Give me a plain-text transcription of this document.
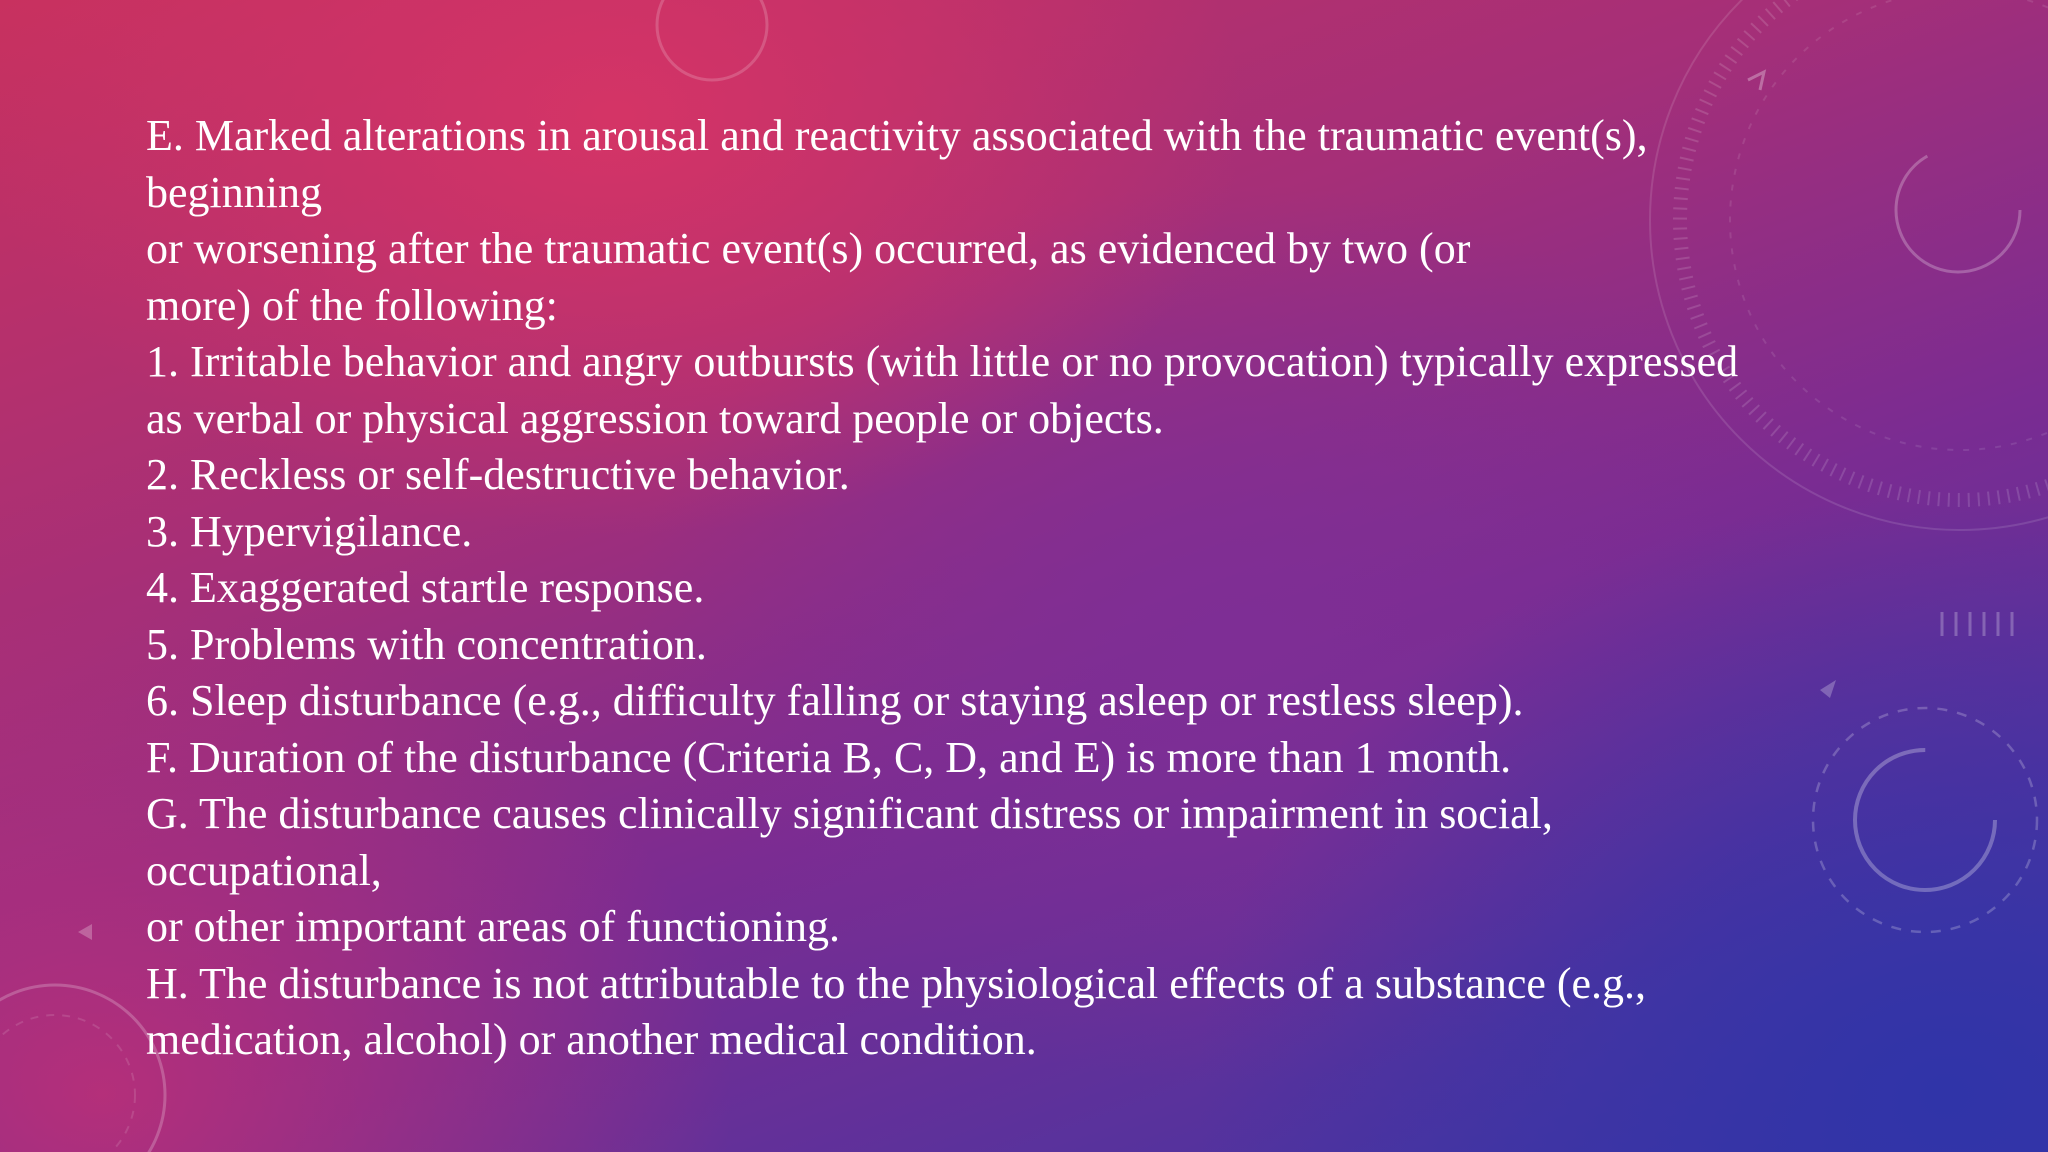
E. Marked alterations in arousal and reactivity associated with the traumatic event(s),
beginning
or worsening after the traumatic event(s) occurred, as evidenced by two (or
more) of the following:
1. Irritable behavior and angry outbursts (with little or no provocation) typically expressed
as verbal or physical aggression toward people or objects.
2. Reckless or self-destructive behavior.
3. Hypervigilance.
4. Exaggerated startle response.
5. Problems with concentration.
6. Sleep disturbance (e.g., difficulty falling or staying asleep or restless sleep).
F. Duration of the disturbance (Criteria B, C, D, and E) is more than 1 month.
G. The disturbance causes clinically significant distress or impairment in social,
occupational,
or other important areas of functioning.
H. The disturbance is not attributable to the physiological effects of a substance (e.g.,
medication, alcohol) or another medical condition.
